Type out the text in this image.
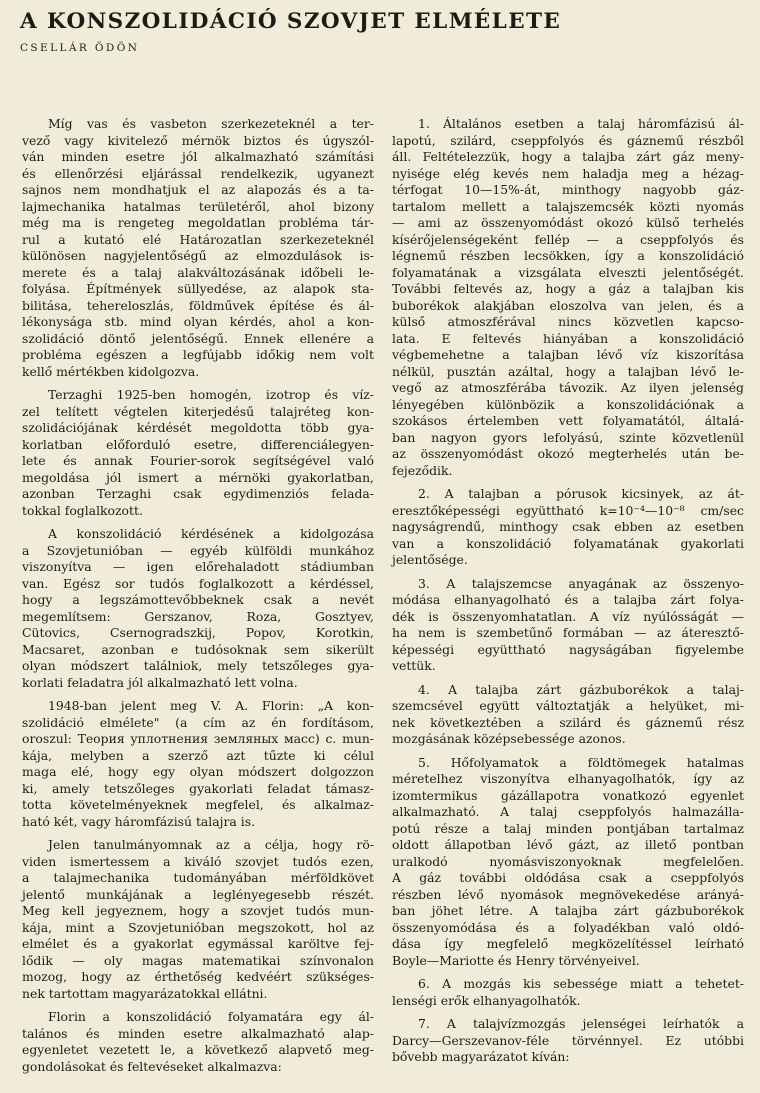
A KONSZOLIDÁCIÓ SZOVJET ELMÉLETE
CSELLÁR ÖDÖN
Míg vas és vasbeton szerkezeteknél a ter-
vező vagy kivitelező mérnök biztos és úgyszól-
ván minden esetre jól alkalmazható számítási
és ellenőrzési eljárással rendelkezik, ugyanezt
sajnos nem mondhatjuk el az alapozás és a ta-
lajmechanika hatalmas területéről, ahol bizony
még ma is rengeteg megoldatlan probléma tár-
rul a kutató elé Határozatlan szerkezeteknél
különösen nagyjelentőségű az elmozdulások is-
merete és a talaj alakváltozásának időbeli le-
folyása. Építmények süllyedése, az alapok sta-
bilitása, tehereloszlás, földművek építése és ál-
lékonysága stb. mind olyan kérdés, ahol a kon-
szolidáció döntő jelentőségű. Ennek ellenére a
probléma egészen a legfújabb időkig nem volt
kellő mértékben kidolgozva.
Terzaghi 1925-ben homogén, izotrop és víz-
zel telített végtelen kiterjedésű talajréteg kon-
szolidációjának kérdését megoldotta több gya-
korlatban előforduló esetre, differenciálegyen-
lete és annak Fourier-sorok segítségével való
megoldása jól ismert a mérnöki gyakorlatban,
azonban Terzaghi csak egydimenziós felada-
tokkal foglalkozott.
A konszolidáció kérdésének a kidolgozása
a Szovjetunióban — egyéb külföldi munkához
viszonyítva — igen előrehaladott stádiumban
van. Egész sor tudós foglalkozott a kérdéssel,
hogy a legszámottevőbbeknek csak a nevét
megemlítsem: Gerszanov, Roza, Gosztyev,
Cütovics, Csernogradszkij, Popov, Korotkin,
Macsaret, azonban e tudósoknak sem sikerült
olyan módszert találniok, mely tetszőleges gya-
korlati feladatra jól alkalmazható lett volna.
1948-ban jelent meg V. A. Florin: „A kon-
szolidáció elmélete" (a cím az én fordításom,
oroszul: Теория уплотнения земляных масс) c. mun-
kája, melyben a szerző azt tűzte ki célul
maga elé, hogy egy olyan módszert dolgozzon
ki, amely tetszőleges gyakorlati feladat támasz-
totta követelményeknek megfelel, és alkalmaz-
ható két, vagy háromfázisú talajra is.
Jelen tanulmányomnak az a célja, hogy rö-
viden ismertessem a kiváló szovjet tudós ezen,
a talajmechanika tudományában mérföldkövet
jelentő munkájának a leglényegesebb részét.
Meg kell jegyeznem, hogy a szovjet tudós mun-
kája, mint a Szovjetunióban megszokott, hol az
elmélet és a gyakorlat egymással karöltve fej-
lődik — oly magas matematikai színvonalon
mozog, hogy az érthetőség kedvéért szükséges-
nek tartottam magyarázatokkal ellátni.
Florin a konszolidáció folyamatára egy ál-
talános és minden esetre alkalmazható alap-
egyenletet vezetett le, a következő alapvető meg-
gondolásokat és feltevéseket alkalmazva:
1. Általános esetben a talaj háromfázisú ál-
lapotú, szilárd, cseppfolyós és gáznemű részből
áll. Feltételezzük, hogy a talajba zárt gáz meny-
nyisége elég kevés nem haladja meg a hézag-
térfogat 10—15%-át, minthogy nagyobb gáz-
tartalom mellett a talajszemcsék közti nyomás
— ami az összenyomódást okozó külső terhelés
kísérőjelenségeként fellép — a cseppfolyós és
légnemű részben lecsökken, így a konszolidáció
folyamatának a vizsgálata elveszti jelentőségét.
További feltevés az, hogy a gáz a talajban kis
buborékok alakjában eloszolva van jelen, és a
külső atmoszférával nincs közvetlen kapcso-
lata. E feltevés hiányában a konszolidáció
végbemehetne a talajban lévő víz kiszorítása
nélkül, pusztán azáltal, hogy a talajban lévő le-
vegő az atmoszférába távozik. Az ilyen jelenség
lényegében különbözik a konszolidációnak a
szokásos értelemben vett folyamatától, általá-
ban nagyon gyors lefolyású, szinte közvetlenül
az összenyomódást okozó megterhelés után be-
fejeződik.
2. A talajban a pórusok kicsinyek, az át-
eresztőképességi együttható k=10⁻⁴—10⁻⁸ cm/sec
nagyságrendű, minthogy csak ebben az esetben
van a konszolidáció folyamatának gyakorlati
jelentősége.
3. A talajszemcse anyagának az összenyo-
módása elhanyagolható és a talajba zárt folya-
dék is összenyomhatatlan. A víz nyúlósságát —
ha nem is szembetűnő formában — az áteresztő-
képességi együttható nagyságában figyelembe
vettük.
4. A talajba zárt gázbuborékok a talaj-
szemcsével együtt változtatják a helyüket, mi-
nek következtében a szilárd és gáznemű rész
mozgásának középsebessége azonos.
5. Hőfolyamatok a földtömegek hatalmas
méretelhez viszonyítva elhanyagolhatók, így az
izomtermikus gázállapotra vonatkozó egyenlet
alkalmazható. A talaj cseppfolyós halmazálla-
potú része a talaj minden pontjában tartalmaz
oldott állapotban lévő gázt, az illető pontban
uralkodó nyomásviszonyoknak megfelelően.
A gáz további oldódása csak a cseppfolyós
részben lévő nyomások megnövekedése arányá-
ban jöhet létre. A talajba zárt gázbuborékok
összenyomódása és a folyadékban való oldó-
dása így megfelelő megközelítéssel leírható
Boyle—Mariotte és Henry törvényeivel.
6. A mozgás kis sebessége miatt a tehetet-
lenségi erők elhanyagolhatók.
7. A talajvízmozgás jelenségei leírhatók a
Darcy—Gerszevanov-féle törvénnyel. Ez utóbbi
bővebb magyarázatot kíván:
